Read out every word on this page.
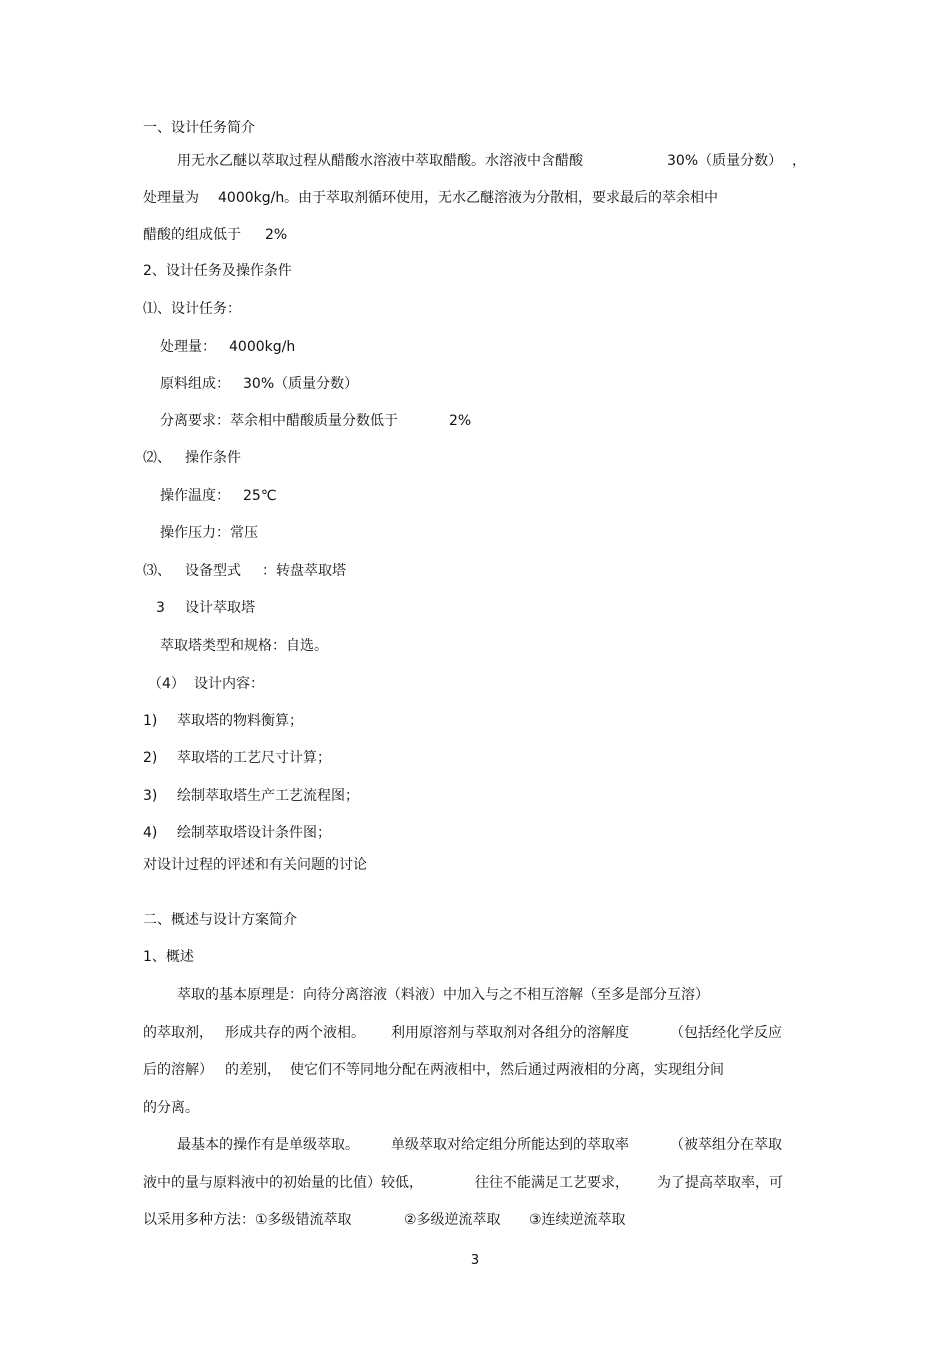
一、设计任务简介
用无水乙醚以萃取过程从醋酸水溶液中萃取醋酸。水溶液中含醋酸	30%（质量分数） ，
处理量为 4000kg/h 。由于萃取剂循环使用，无水乙醚溶液为分散相，要求最后的萃余相中
醋酸的组成低于 2%
2、设计任务及操作条件
⑴、设计任务：
处理量： 4000kg/h
原料组成： 30%（质量分数）
分离要求：萃余相中醋酸质量分数低于	2%
⑵、 操作条件
操作温度： 25℃
操作压力：常压
⑶、 设备型式 ：转盘萃取塔
3 设计萃取塔
萃取塔类型和规格：自选。
（4） 设计内容：
1) 萃取塔的物料衡算；
2) 萃取塔的工艺尺寸计算；
3) 绘制萃取塔生产工艺流程图；
4) 绘制萃取塔设计条件图；
对设计过程的评述和有关问题的讨论
二、概述与设计方案简介
1、概述
萃取的基本原理是：向待分离溶液（料液）中加入与之不相互溶解（至多是部分互溶）
的萃取剂， 形成共存的两个液相。 利用原溶剂与萃取剂对各组分的溶解度	（包括经化学反应
后的溶解） 的差别， 使它们不等同地分配在两液相中，然后通过两液相的分离，实现组分间
的分离。
最基本的操作有是单级萃取。 单级萃取对给定组分所能达到的萃取率	（被萃组分在萃取
液中的量与原料液中的初始量的比值）较低，	往往不能满足工艺要求， 为了提高萃取率，可
以采用多种方法：①多级错流萃取	②多级逆流萃取 ③连续逆流萃取
3
